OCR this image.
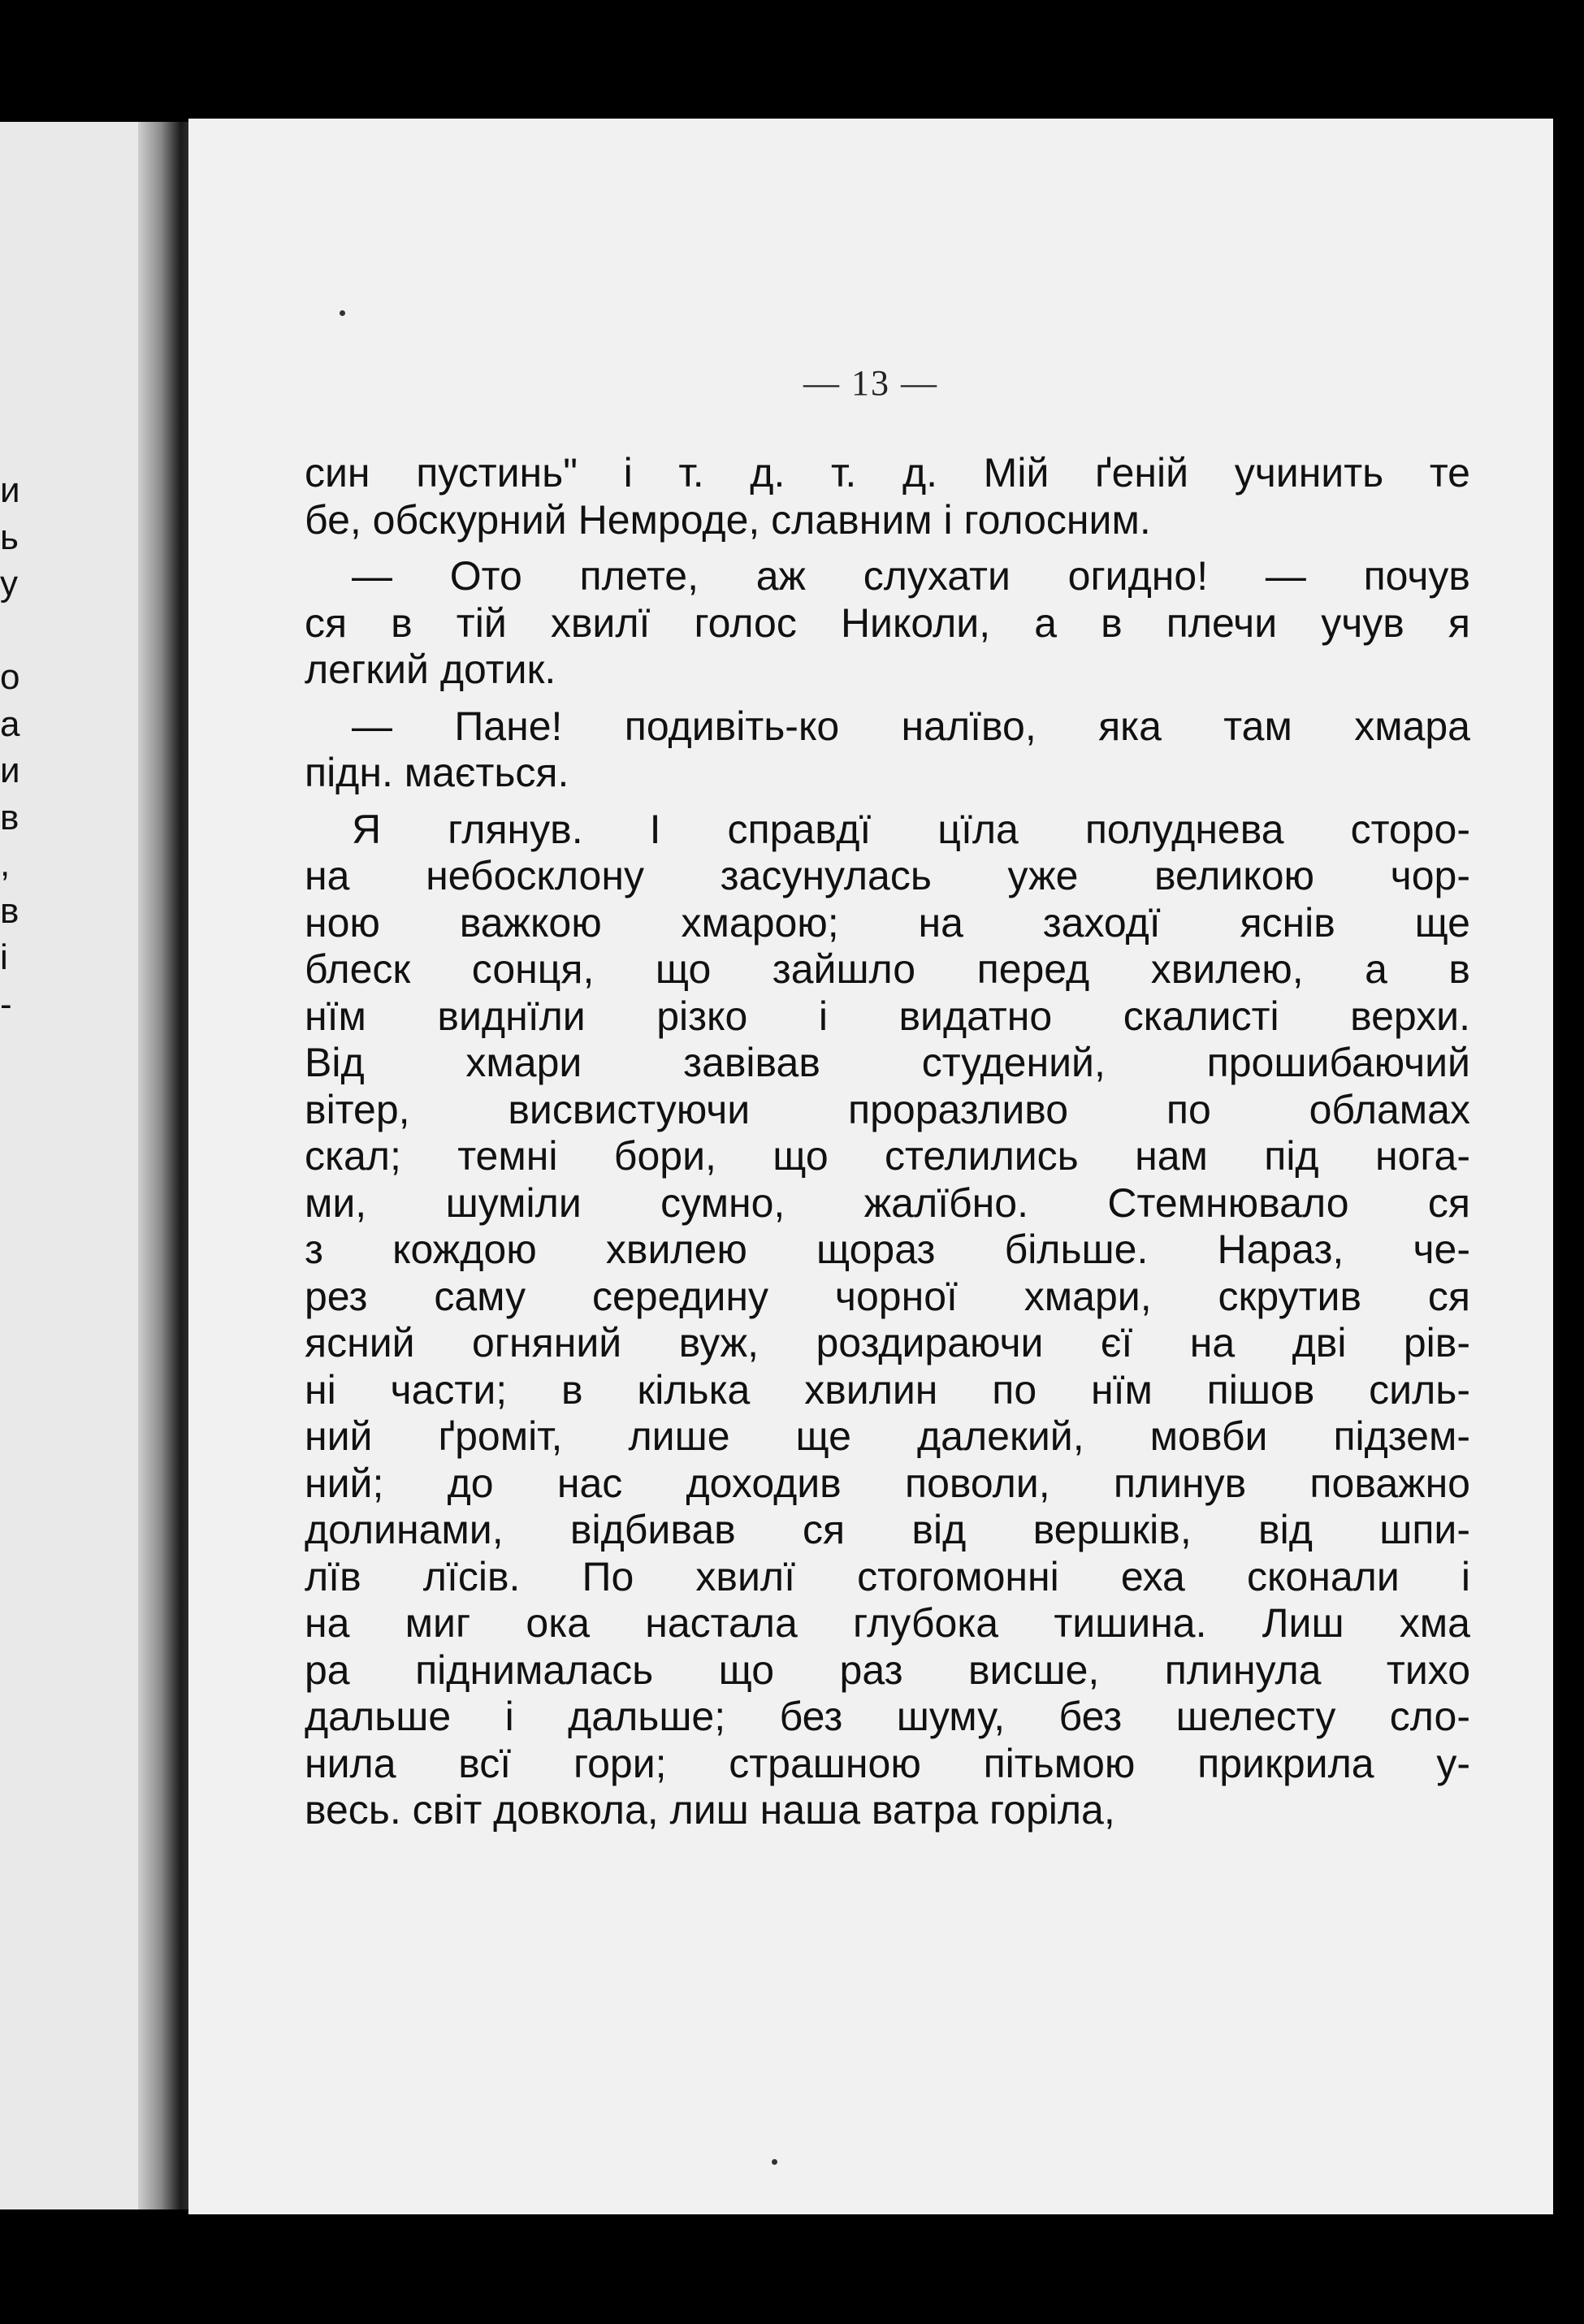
и
ь
у
о
а
и
в
,
в
і
-
— 13 —
син пустинь" і т. д. т. д. Мій ґеній учинить те
бе, обскурний Немроде, славним і голосним.
— Ото плете, аж слухати огидно! — почув
ся в тій хвилї голос Николи, а в плечи учув я
легкий дотик.
— Пане! подивіть-ко налїво, яка там хмара
підн. мається.
Я глянув. І справдї цїла полуднева сторо-
на небосклону засунулась уже великою чор-
ною важкою хмарою; на заходї яснів ще
блеск сонця, що зайшло перед хвилею, а в
нїм виднїли різко і видатно скалисті верхи.
Від хмари завівав студений, прошибаючий
вітер, висвистуючи проразливо по обламах
скал; темні бори, що стелились нам під нога-
ми, шуміли сумно, жалїбно. Стемнювало ся
з кождою хвилею щораз більше. Нараз, че-
рез саму середину чорної хмари, скрутив ся
ясний огняний вуж, роздираючи єї на дві рів-
ні части; в кілька хвилин по нїм пішов силь-
ний ґроміт, лише ще далекий, мовби підзем-
ний; до нас доходив поволи, плинув поважно
долинами, відбивав ся від вершків, від шпи-
лїв лїсів. По хвилї стогомонні еха сконали і
на миг ока настала глубока тишина. Лиш хма
ра піднималась що раз висше, плинула тихо
дальше і дальше; без шуму, без шелесту сло-
нила всї гори; страшною пітьмою прикрила у-
весь. світ довкола, лиш наша ватра горіла,
